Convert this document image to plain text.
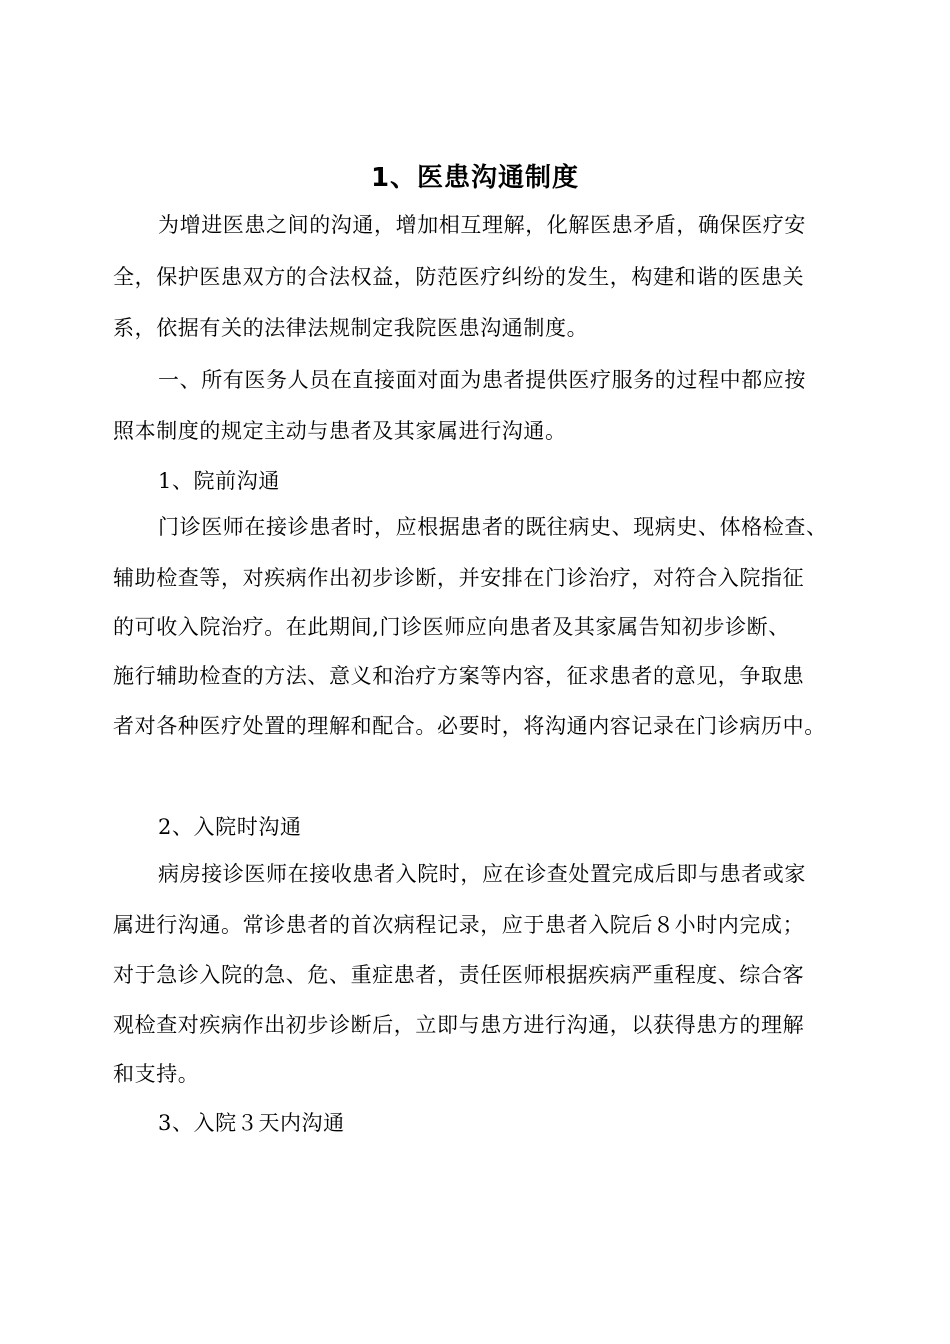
1、医患沟通制度
为增进医患之间的沟通，增加相互理解，化解医患矛盾，确保医疗安
全，保护医患双方的合法权益，防范医疗纠纷的发生，构建和谐的医患关
系，依据有关的法律法规制定我院医患沟通制度。
一、所有医务人员在直接面对面为患者提供医疗服务的过程中都应按
照本制度的规定主动与患者及其家属进行沟通。
1、院前沟通
门诊医师在接诊患者时，应根据患者的既往病史、现病史、体格检查、
辅助检查等，对疾病作出初步诊断，并安排在门诊治疗，对符合入院指征
的可收入院治疗。在此期间,门诊医师应向患者及其家属告知初步诊断、
施行辅助检查的方法、意义和治疗方案等内容，征求患者的意见，争取患
者对各种医疗处置的理解和配合。必要时，将沟通内容记录在门诊病历中。
2、入院时沟通
病房接诊医师在接收患者入院时，应在诊查处置完成后即与患者或家
属进行沟通。常诊患者的首次病程记录，应于患者入院后８小时内完成；
对于急诊入院的急、危、重症患者，责任医师根据疾病严重程度、综合客
观检查对疾病作出初步诊断后，立即与患方进行沟通，以获得患方的理解
和支持。
3、入院３天内沟通
